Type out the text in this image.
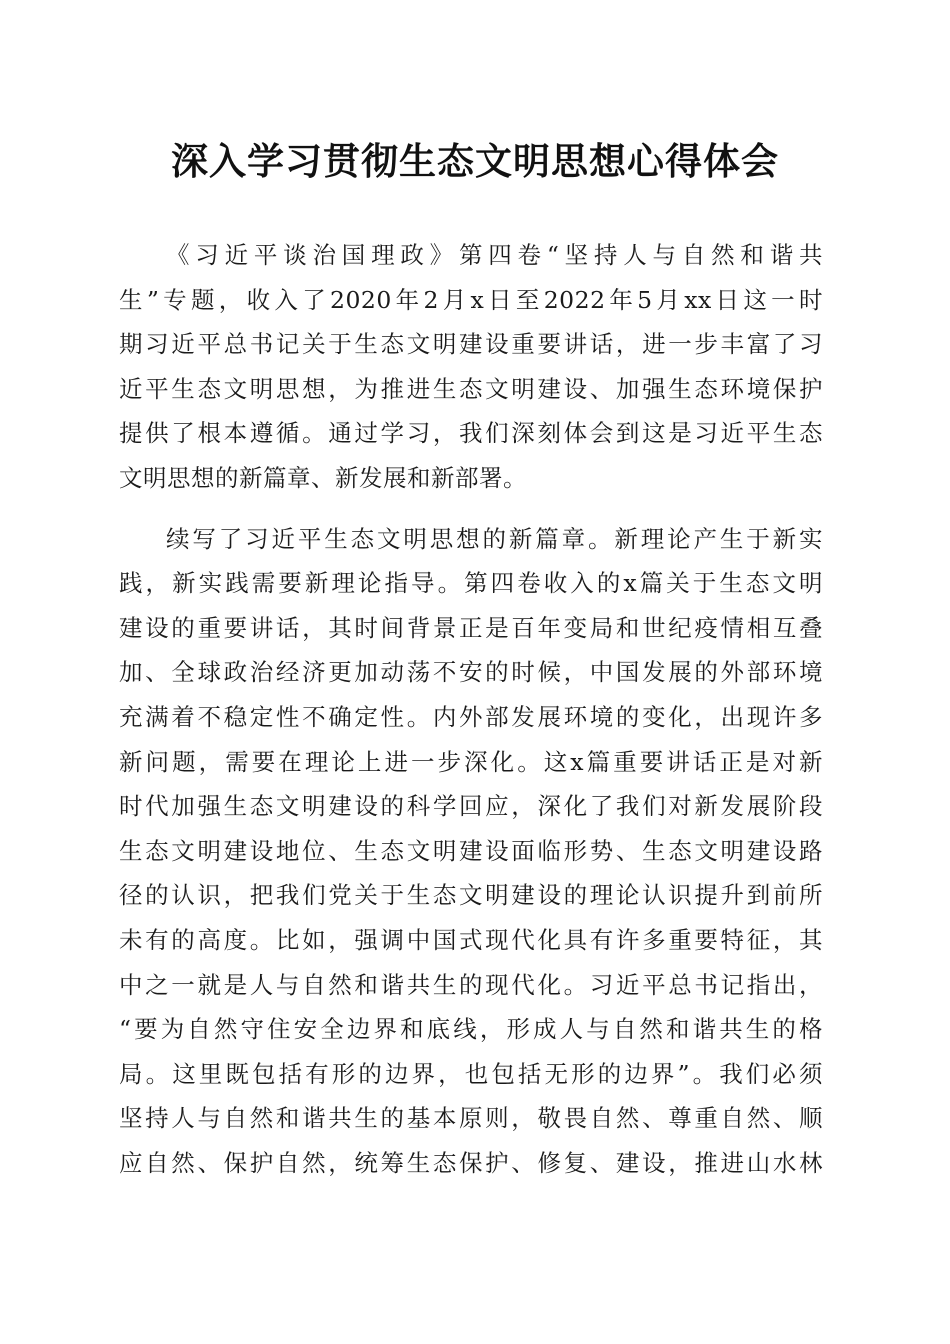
深入学习贯彻生态文明思想心得体会

《习近平谈治国理政》第四卷“坚持人与自然和谐共
生”专题，收入了2020年2月x日至2022年5月xx日这一时
期习近平总书记关于生态文明建设重要讲话，进一步丰富了习
近平生态文明思想，为推进生态文明建设、加强生态环境保护
提供了根本遵循。通过学习，我们深刻体会到这是习近平生态
文明思想的新篇章、新发展和新部署。

续写了习近平生态文明思想的新篇章。新理论产生于新实
践，新实践需要新理论指导。第四卷收入的x篇关于生态文明
建设的重要讲话，其时间背景正是百年变局和世纪疫情相互叠
加、全球政治经济更加动荡不安的时候，中国发展的外部环境
充满着不稳定性不确定性。内外部发展环境的变化，出现许多
新问题，需要在理论上进一步深化。这x篇重要讲话正是对新
时代加强生态文明建设的科学回应，深化了我们对新发展阶段
生态文明建设地位、生态文明建设面临形势、生态文明建设路
径的认识，把我们党关于生态文明建设的理论认识提升到前所
未有的高度。比如，强调中国式现代化具有许多重要特征，其
中之一就是人与自然和谐共生的现代化。习近平总书记指出，
“要为自然守住安全边界和底线，形成人与自然和谐共生的格
局。这里既包括有形的边界，也包括无形的边界”。我们必须
坚持人与自然和谐共生的基本原则，敬畏自然、尊重自然、顺
应自然、保护自然，统筹生态保护、修复、建设，推进山水林
